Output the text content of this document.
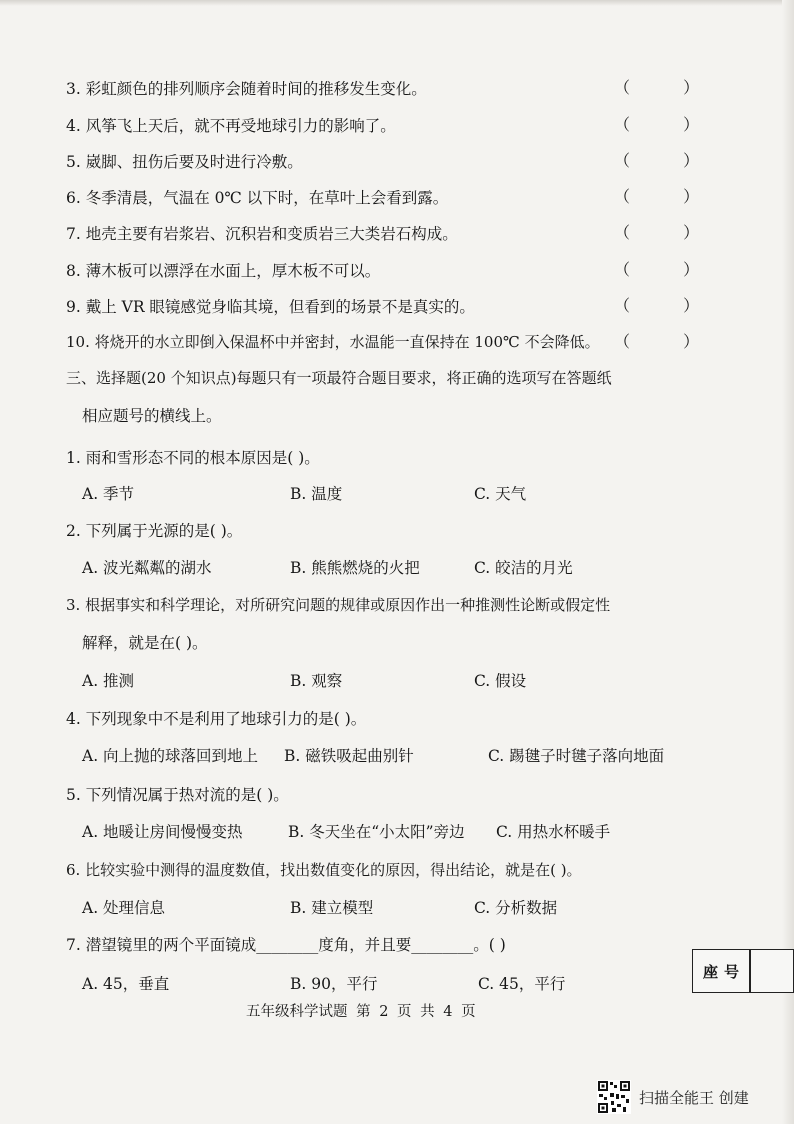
3. 彩虹颜色的排列顺序会随着时间的推移发生变化。	（ ）
4. 风筝飞上天后，就不再受地球引力的影响了。	（ ）
5. 崴脚、扭伤后要及时进行冷敷。	（ ）
6. 冬季清晨，气温在 0℃ 以下时，在草叶上会看到露。	（ ）
7. 地壳主要有岩浆岩、沉积岩和变质岩三大类岩石构成。	（ ）
8. 薄木板可以漂浮在水面上，厚木板不可以。	（ ）
9. 戴上 VR 眼镜感觉身临其境，但看到的场景不是真实的。	（ ）
10. 将烧开的水立即倒入保温杯中并密封，水温能一直保持在 100℃ 不会降低。 （ ）
三、选择题(20 个知识点)每题只有一项最符合题目要求，将正确的选项写在答题纸
相应题号的横线上。
1. 雨和雪形态不同的根本原因是( )。
A. 季节	B. 温度	C. 天气
2. 下列属于光源的是( )。
A. 波光粼粼的湖水	B. 熊熊燃烧的火把	C. 皎洁的月光
3. 根据事实和科学理论，对所研究问题的规律或原因作出一种推测性论断或假定性
解释，就是在( )。
A. 推测	B. 观察	C. 假设
4. 下列现象中不是利用了地球引力的是( )。
A. 向上抛的球落回到地上 B. 磁铁吸起曲别针	C. 踢毽子时毽子落向地面
5. 下列情况属于热对流的是( )。
A. 地暖让房间慢慢变热	B. 冬天坐在“小太阳”旁边 C. 用热水杯暖手
6. 比较实验中测得的温度数值，找出数值变化的原因，得出结论，就是在( )。
A. 处理信息	B. 建立模型	C. 分析数据
7. 潜望镜里的两个平面镜成________度角，并且要________。( )
A. 45，垂直	B. 90，平行	C. 45，平行
座号
五年级科学试题 第 2 页 共 4 页
扫描全能王 创建
